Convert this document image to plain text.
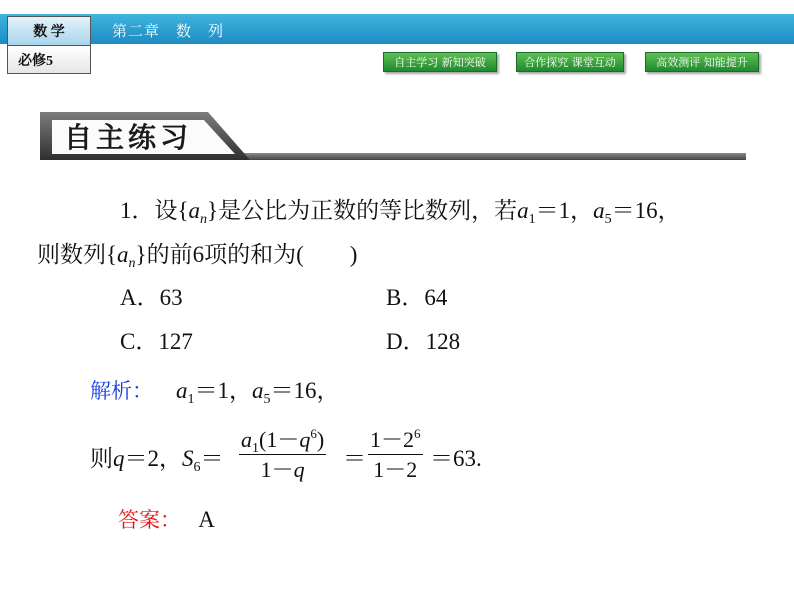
数 学
必修5
第二章　数　列
自主学习 新知突破	合作探究 课堂互动	高效测评 知能提升
自主练习
1．设$\{a_n\}$是公比为正数的等比数列，若$a_1=1$，$a_5=16$，
则数列$\{a_n\}$的前6项的和为(　　)
A．63	B．64
C．127	D．128
解析： $a_1=1$，$a_5=16$，
则q＝2，$S_6=$
$a_1(1-q^6)$
1－q	＝
$1-2^6$
1－2 ＝63.
答案： A
